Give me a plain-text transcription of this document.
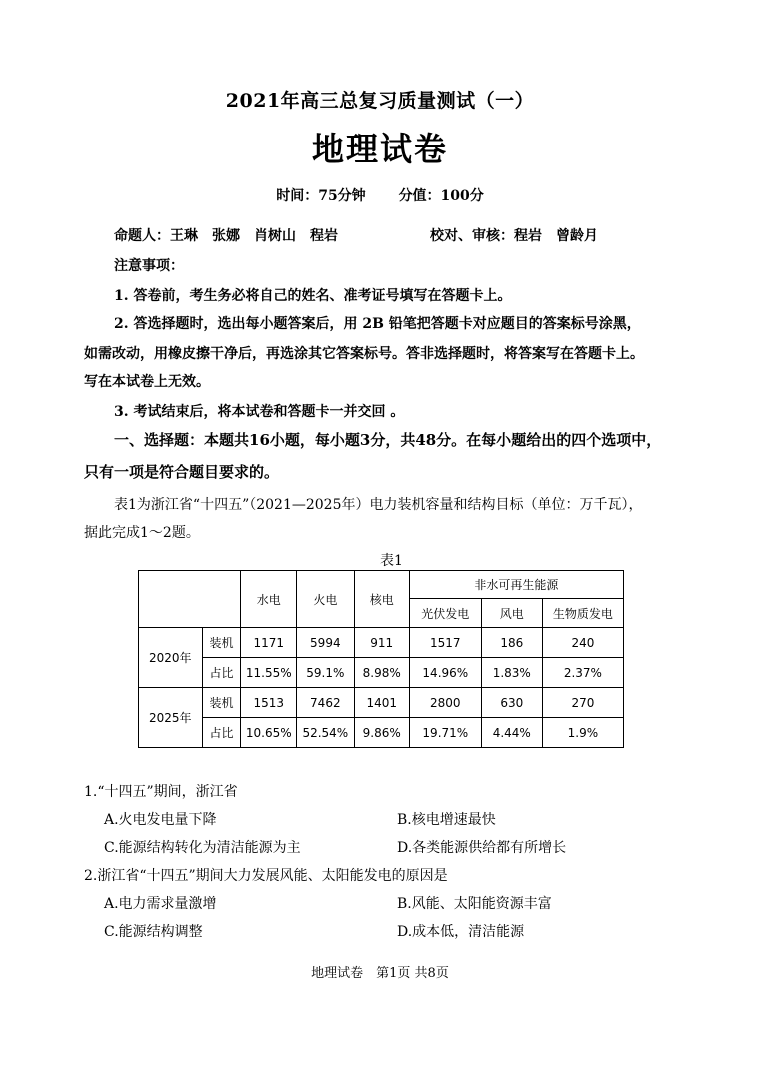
2021年高三总复习质量测试（一）
地理试卷
时间：75分钟 分值：100分
命题人：王琳　张娜　肖树山　程岩	校对、审核：程岩　曾龄月
注意事项：
1. 答卷前，考生务必将自己的姓名、准考证号填写在答题卡上。
2. 答选择题时，选出每小题答案后，用 2B 铅笔把答题卡对应题目的答案标号涂黑，
如需改动，用橡皮擦干净后，再选涂其它答案标号。答非选择题时，将答案写在答题卡上。
写在本试卷上无效。
3. 考试结束后，将本试卷和答题卡一并交回 。
一、选择题：本题共16小题，每小题3分，共48分。在每小题给出的四个选项中，
只有一项是符合题目要求的。
表1为浙江省“十四五”（2021—2025年）电力装机容量和结构目标（单位：万千瓦），
据此完成1～2题。
表1
		水电	火电	核电	非水可再生能源		
					光伏发电	风电	生物质发电
2020年	装机	1171	5994	911	1517	186	240
	占比	11.55%	59.1%	8.98%	14.96%	1.83%	2.37%
2025年	装机	1513	7462	1401	2800	630	270
	占比	10.65%	52.54%	9.86%	19.71%	4.44%	1.9%
1.“十四五”期间，浙江省
A.火电发电量下降	B.核电增速最快
C.能源结构转化为清洁能源为主	D.各类能源供给都有所增长
2.浙江省“十四五”期间大力发展风能、太阳能发电的原因是
A.电力需求量激增	B.风能、太阳能资源丰富
C.能源结构调整	D.成本低，清洁能源
地理试卷　第1页 共8页
